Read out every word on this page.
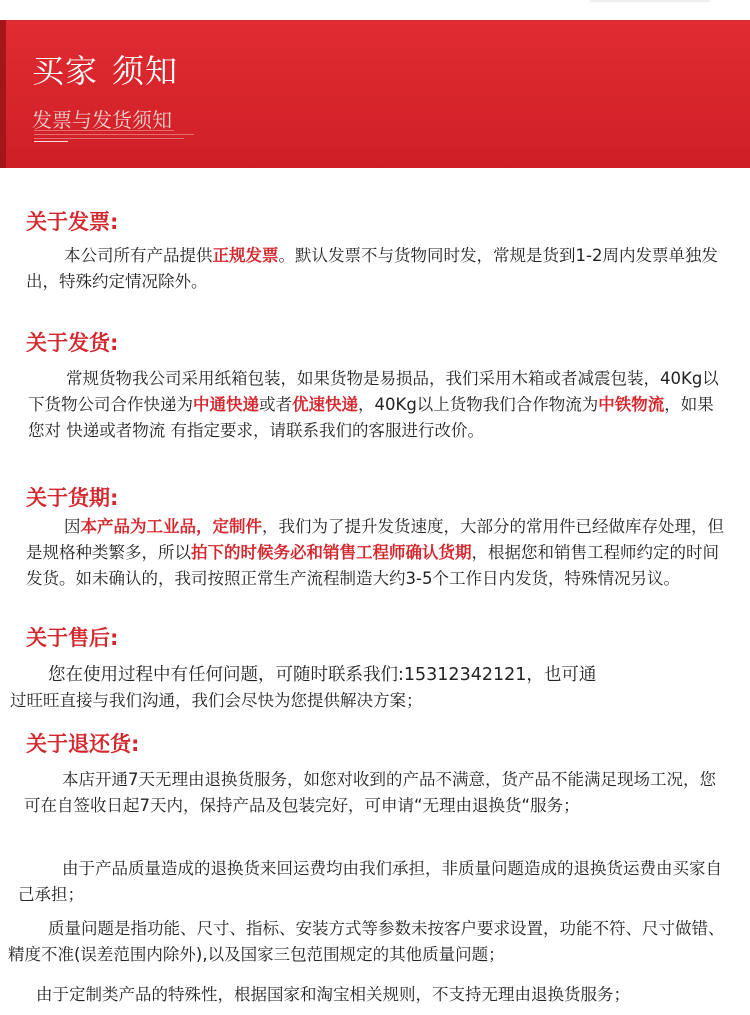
买家 须知
发票与发货须知
关于发票:

本公司所有产品提供正规发票。默认发票不与货物同时发，常规是货到1-2周内发票单独发出，特殊约定情况除外。

关于发货:

常规货物我公司采用纸箱包装，如果货物是易损品，我们采用木箱或者减震包装，40Kg以下货物公司合作快递为中通快递或者优速快递，40Kg以上货物我们合作物流为中铁物流，如果您对 快递或者物流 有指定要求，请联系我们的客服进行改价。

关于货期:

因本产品为工业品，定制件，我们为了提升发货速度，大部分的常用件已经做库存处理，但是规格种类繁多，所以拍下的时候务必和销售工程师确认货期，根据您和销售工程师约定的时间发货。如未确认的，我司按照正常生产流程制造大约3-5个工作日内发货，特殊情况另议。

关于售后:

您在使用过程中有任何问题，可随时联系我们:15312342121，也可通

过旺旺直接与我们沟通，我们会尽快为您提供解决方案；

关于退还货:

本店开通7天无理由退换货服务，如您对收到的产品不满意，货产品不能满足现场工况，您可在自签收日起7天内，保持产品及包装完好，可申请“无理由退换货“服务；

由于产品质量造成的退换货来回运费均由我们承担，非质量问题造成的退换货运费由买家自己承担；

质量问题是指功能、尺寸、指标、安装方式等参数未按客户要求设置，功能不符、尺寸做错、精度不准(误差范围内除外),以及国家三包范围规定的其他质量问题；

由于定制类产品的特殊性，根据国家和淘宝相关规则，不支持无理由退换货服务；
